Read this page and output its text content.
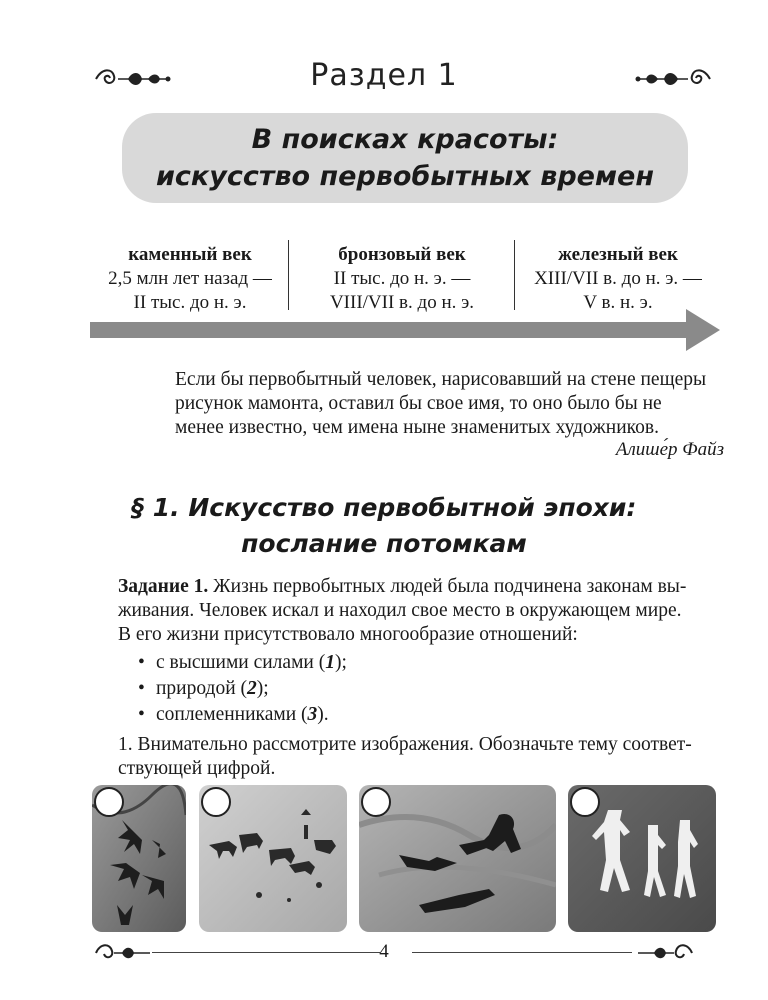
Раздел 1
В поисках красоты:
искусство первобытных времен
каменный век
2,5 млн лет назад —
II тыс. до н. э.
бронзовый век
II тыс. до н. э. —
VIII/VII в. до н. э.
железный век
XIII/VII в. до н. э. —
V в. н. э.
Если бы первобытный человек, нарисовавший на стене пещеры
рисунок мамонта, оставил бы свое имя, то оно было бы не
менее известно, чем имена ныне знаменитых художников.
Алише́р Файз
§ 1. Искусство первобытной эпохи:
послание потомкам
Задание 1. Жизнь первобытных людей была подчинена законам вы-
живания. Человек искал и находил свое место в окружающем мире.
В его жизни присутствовало многообразие отношений:
• с высшими силами (1);
• природой (2);
• соплеменниками (3).
1. Внимательно рассмотрите изображения. Обозначьте тему соответ-
ствующей цифрой.
4
